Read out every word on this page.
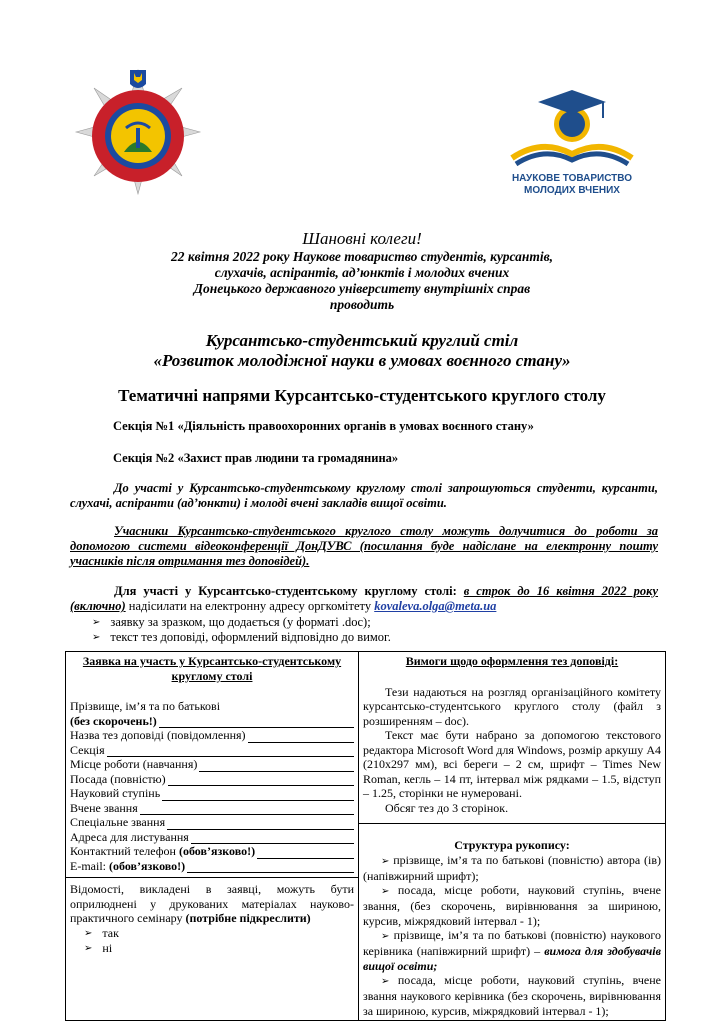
НАУКОВЕ ТОВАРИСТВО
МОЛОДИХ ВЧЕНИХ
Шановні колеги!
22 квітня 2022 року Наукове товариство студентів, курсантів,
слухачів, аспірантів, ад’юнктів і молодих вчених
Донецького державного університету внутрішніх справ
проводить
Курсантсько-студентський круглий стіл
«Розвиток молодіжної науки в умовах воєнного стану»
Тематичні напрями Курсантсько-студентського круглого столу
Секція №1 «Діяльність правоохоронних органів в умовах воєнного стану»
Секція №2 «Захист прав людини та громадянина»
До участі у Курсантсько-студентському круглому столі запрошуються студенти, курсанти, слухачі, аспіранти (ад’юнкти) і молоді вчені закладів вищої освіти.
Учасники Курсантсько-студентського круглого столу можуть долучитися до роботи за допомогою системи відеоконференції ДонДУВС (посилання буде надіслане на електронну пошту учасників після отримання тез доповідей).
Для участі у Курсантсько-студентському круглому столі: в строк до 16 квітня 2022 року (включно) надісилати на електронну адресу оргкомітету kovaleva.olga@meta.ua
➢ заявку за зразком, що додається (у форматі .doc);
➢ текст тез доповіді, оформлений відповідно до вимог.
Заявка на участь у Курсантсько-студентському круглому столі
Прізвище, ім’я та по батькові
(без скорочень!)
Назва тез доповіді (повідомлення)
Секція
Місце роботи (навчання)
Посада (повністю)
Науковий ступінь
Вчене звання
Спеціальне звання
Адреса для листування
Контактний телефон
(обов’язково!)
E-mail:
(обов’язково!)
Відомості, викладені в заявці, можуть бути оприлюднені у друкованих матеріалах науково-практичного семінару (потрібне підкреслити)
➢ так
➢ ні

Вимоги щодо оформлення тез доповіді:
Тези надаються на розгляд організаційного комітету курсантсько-студентського круглого столу (файл з розширенням – doc).
Текст має бути набрано за допомогою текстового редактора Microsoft Word для Windows, розмір аркушу А4 (210х297 мм), всі береги – 2 см, шрифт – Times New Roman, кегль – 14 пт, інтервал між рядками – 1.5, відступ – 1.25, сторінки не нумеровані.
Обсяг тез до 3 сторінок.
Структура рукопису:
➢ прізвище, ім’я та по батькові (повністю) автора (ів) (напівжирний шрифт);
➢ посада, місце роботи, науковий ступінь, вчене звання, (без скорочень, вирівнювання за шириною, курсив, міжрядковий інтервал - 1);
➢ прізвище, ім’я та по батькові (повністю) наукового керівника (напівжирний шрифт) – вимога для здобувачів вищої освіти;
➢ посада, місце роботи, науковий ступінь, вчене звання наукового керівника (без скорочень, вирівнювання за шириною, курсив, міжрядковий інтервал - 1);
